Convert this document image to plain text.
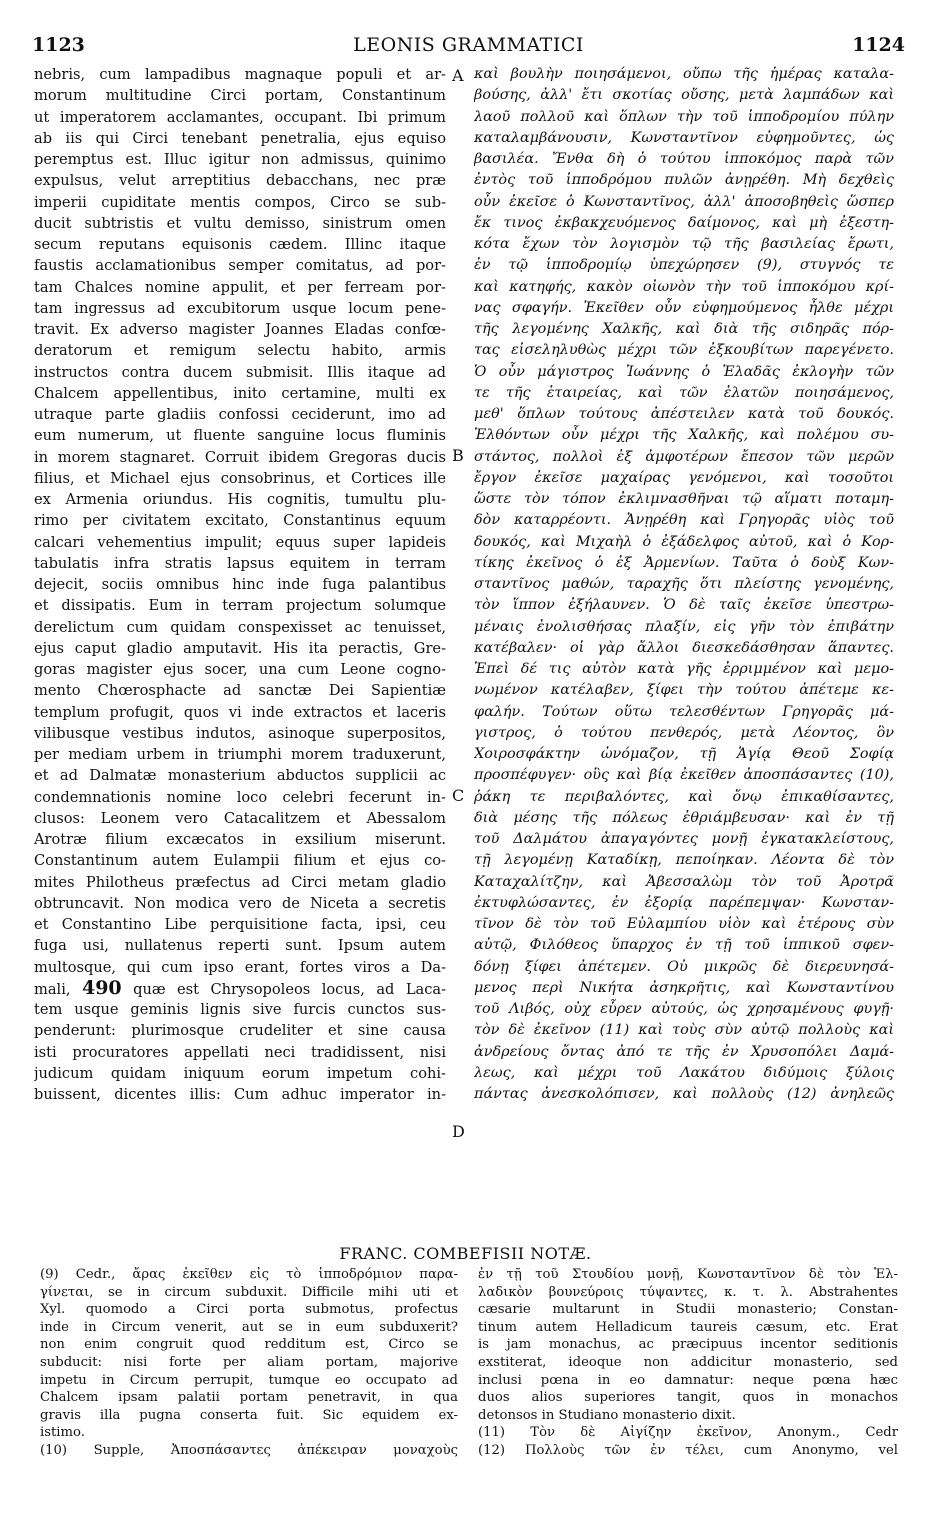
1123	LEONIS GRAMMATICI	1124
nebris, cum lampadibus magnaque populi et ar-
morum multitudine Circi portam, Constantinum
ut imperatorem acclamantes, occupant. Ibi primum
ab iis qui Circi tenebant penetralia, ejus equiso
peremptus est. Illuc igitur non admissus, quinimo
expulsus, velut arreptitius debacchans, nec præ
imperii cupiditate mentis compos, Circo se sub-
ducit subtristis et vultu demisso, sinistrum omen
secum reputans equisonis cædem. Illinc itaque
faustis acclamationibus semper comitatus, ad por-
tam Chalces nomine appulit, et per ferream por-
tam ingressus ad excubitorum usque locum pene-
travit. Ex adverso magister Joannes Eladas confœ-
deratorum et remigum selectu habito, armis
instructos contra ducem submisit. Illis itaque ad
Chalcem appellentibus, inito certamine, multi ex
utraque parte gladiis confossi ceciderunt, imo ad
eum numerum, ut fluente sanguine locus fluminis
in morem stagnaret. Corruit ibidem Gregoras ducis
filius, et Michael ejus consobrinus, et Cortices ille
ex Armenia oriundus. His cognitis, tumultu plu-
rimo per civitatem excitato, Constantinus equum
calcari vehementius impulit; equus super lapideis
tabulatis infra stratis lapsus equitem in terram
dejecit, sociis omnibus hinc inde fuga palantibus
et dissipatis. Eum in terram projectum solumque
derelictum cum quidam conspexisset ac tenuisset,
ejus caput gladio amputavit. His ita peractis, Gre-
goras magister ejus socer, una cum Leone cogno-
mento Chœrosphacte ad sanctæ Dei Sapientiæ
templum profugit, quos vi inde extractos et laceris
vilibusque vestibus indutos, asinoque superpositos,
per mediam urbem in triumphi morem traduxerunt,
et ad Dalmatæ monasterium abductos supplicii ac
condemnationis nomine loco celebri fecerunt in-
clusos: Leonem vero Catacalitzem et Abessalom
Arotræ filium excæcatos in exsilium miserunt.
Constantinum autem Eulampii filium et ejus co-
mites Philotheus præfectus ad Circi metam gladio
obtruncavit. Non modica vero de Niceta a secretis
et Constantino Libe perquisitione facta, ipsi, ceu
fuga usi, nullatenus reperti sunt. Ipsum autem
multosque, qui cum ipso erant, fortes viros a Da-
mali, 490 quæ est Chrysopoleos locus, ad Laca-
tem usque geminis lignis sive furcis cunctos sus-
penderunt: plurimosque crudeliter et sine causa
isti procuratores appellati neci tradidissent, nisi
judicum quidam iniquum eorum impetum cohi-
buissent, dicentes illis: Cum adhuc imperator in-
καὶ βουλὴν ποιησάμενοι, οὔπω τῆς ἡμέρας καταλα-
βούσης, ἀλλ' ἔτι σκοτίας οὔσης, μετὰ λαμπάδων καὶ
λαοῦ πολλοῦ καὶ ὅπλων τὴν τοῦ ἱπποδρομίου πύλην
καταλαμβάνουσιν, Κωνσταντῖνον εὐφημοῦντες, ὡς
βασιλέα. Ἔνθα δὴ ὁ τούτου ἱπποκόμος παρὰ τῶν
ἐντὸς τοῦ ἱπποδρόμου πυλῶν ἀνῃρέθη. Μὴ δεχθεὶς
οὖν ἐκεῖσε ὁ Κωνσταντῖνος, ἀλλ' ἀποσοβηθεὶς ὥσπερ
ἔκ τινος ἐκβακχευόμενος δαίμονος, καὶ μὴ ἐξεστη-
κότα ἔχων τὸν λογισμὸν τῷ τῆς βασιλείας ἔρωτι,
ἐν τῷ ἱπποδρομίῳ ὑπεχώρησεν (9), στυγνός τε
καὶ κατηφής, κακὸν οἰωνὸν τὴν τοῦ ἱπποκόμου κρί-
νας σφαγήν. Ἐκεῖθεν οὖν εὐφημούμενος ἦλθε μέχρι
τῆς λεγομένης Χαλκῆς, καὶ διὰ τῆς σιδηρᾶς πόρ-
τας εἰσεληλυθὼς μέχρι τῶν ἐξκουβίτων παρεγένετο.
Ὁ οὖν μάγιστρος Ἰωάννης ὁ Ἑλαδᾶς ἐκλογὴν τῶν
τε τῆς ἑταιρείας, καὶ τῶν ἐλατῶν ποιησάμενος,
μεθ' ὅπλων τούτους ἀπέστειλεν κατὰ τοῦ δουκός.
Ἐλθόντων οὖν μέχρι τῆς Χαλκῆς, καὶ πολέμου συ-
στάντος, πολλοὶ ἐξ ἀμφοτέρων ἔπεσον τῶν μερῶν
ἔργον ἐκεῖσε μαχαίρας γενόμενοι, καὶ τοσοῦτοι
ὥστε τὸν τόπον ἐκλιμνασθῆναι τῷ αἵματι ποταμη-
δὸν καταρρέοντι. Ἀνῃρέθη καὶ Γρηγορᾶς υἱὸς τοῦ
δουκός, καὶ Μιχαὴλ ὁ ἐξάδελφος αὐτοῦ, καὶ ὁ Κορ-
τίκης ἐκεῖνος ὁ ἐξ Ἀρμενίων. Ταῦτα ὁ δοὺξ Κων-
σταντῖνος μαθών, ταραχῆς ὅτι πλείστης γενομένης,
τὸν ἵππον ἐξήλαυνεν. Ὁ δὲ ταῖς ἐκεῖσε ὑπεστρω-
μέναις ἐνολισθήσας πλαξίν, εἰς γῆν τὸν ἐπιβάτην
κατέβαλεν· οἱ γὰρ ἄλλοι διεσκεδάσθησαν ἅπαντες.
Ἐπεὶ δέ τις αὐτὸν κατὰ γῆς ἐρριμμένον καὶ μεμο-
νωμένον κατέλαβεν, ξίφει τὴν τούτου ἀπέτεμε κε-
φαλήν. Τούτων οὕτω τελεσθέντων Γρηγορᾶς μά-
γιστρος, ὁ τούτου πενθερός, μετὰ Λέοντος, ὃν
Χοιροσφάκτην ὠνόμαζον, τῇ Ἁγίᾳ Θεοῦ Σοφίᾳ
προσπέφυγεν· οὓς καὶ βίᾳ ἐκεῖθεν ἀποσπάσαντες (10),
ῥάκη τε περιβαλόντες, καὶ ὄνῳ ἐπικαθίσαντες,
διὰ μέσης τῆς πόλεως ἐθριάμβευσαν· καὶ ἐν τῇ
τοῦ Δαλμάτου ἀπαγαγόντες μονῇ ἐγκατακλείστους,
τῇ λεγομένῃ Καταδίκῃ, πεποίηκαν. Λέοντα δὲ τὸν
Καταχαλίτζην, καὶ Ἀβεσσαλὼμ τὸν τοῦ Ἀροτρᾶ
ἐκτυφλώσαντες, ἐν ἐξορίᾳ παρέπεμψαν· Κωνσταν-
τῖνον δὲ τὸν τοῦ Εὐλαμπίου υἱὸν καὶ ἑτέρους σὺν
αὐτῷ, Φιλόθεος ὕπαρχος ἐν τῇ τοῦ ἱππικοῦ σφεν-
δόνῃ ξίφει ἀπέτεμεν. Οὐ μικρῶς δὲ διερευνησά-
μενος περὶ Νικήτα ἀσηκρῆτις, καὶ Κωνσταντίνου
τοῦ Λιβός, οὐχ εὗρεν αὐτούς, ὡς χρησαμένους φυγῇ·
τὸν δὲ ἐκεῖνον (11) καὶ τοὺς σὺν αὐτῷ πολλοὺς καὶ
ἀνδρείους ὄντας ἀπό τε τῆς ἐν Χρυσοπόλει Δαμά-
λεως, καὶ μέχρι τοῦ Λακάτου διδύμοις ξύλοις
πάντας ἀνεσκολόπισεν, καὶ πολλοὺς (12) ἀνηλεῶς
A
B
C
D
FRANC. COMBEFISII NOTÆ.
(9) Cedr., ἄρας ἐκεῖθεν εἰς τὸ ἱπποδρόμιον παρα-
γίνεται, se in circum subduxit. Difficile mihi uti et
Xyl. quomodo a Circi porta submotus, profectus
inde in Circum venerit, aut se in eum subduxerit?
non enim congruit quod redditum est, Circo se
subducit: nisi forte per aliam portam, majorive
impetu in Circum perrupit, tumque eo occupato ad
Chalcem ipsam palatii portam penetravit, in qua
gravis illa pugna conserta fuit. Sic equidem ex-
istimo.
(10) Supple, Ἀποσπάσαντες ἀπέκειραν μοναχοὺς
ἐν τῇ τοῦ Στουδίου μονῇ, Κωνσταντῖνον δὲ τὸν Ἑλ-
λαδικὸν βουνεύροις τύψαντες, κ. τ. λ. Abstrahentes
cæsarie multarunt in Studii monasterio; Constan-
tinum autem Helladicum taureis cæsum, etc. Erat
is jam monachus, ac præcipuus incentor seditionis
exstiterat, ideoque non addicitur monasterio, sed
inclusi pœna in eo damnatur: neque pœna hæc
duos alios superiores tangit, quos in monachos
detonsos in Studiano monasterio dixit.
(11) Τὸν δὲ Αἰγίζην ἐκεῖνον, Anonym., Cedr
(12) Πολλοὺς τῶν ἐν τέλει, cum Anonymo, vel
